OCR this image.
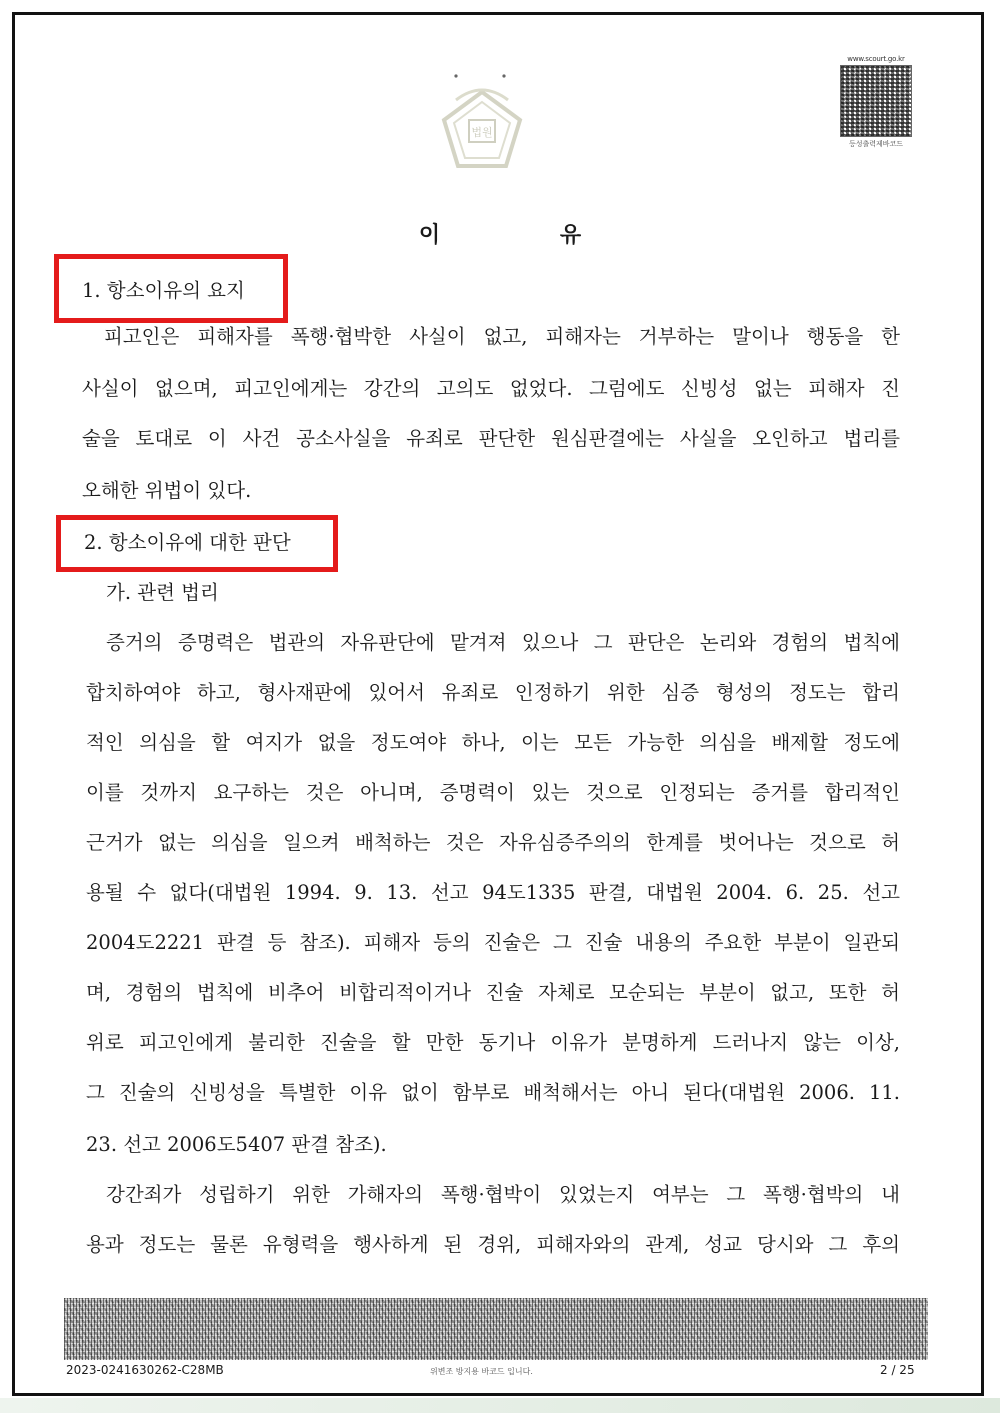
법원
www.scourt.go.kr
등성출력제바코드
이 유
1. 항소이유의 요지
피고인은 피해자를 폭행·협박한 사실이 없고, 피해자는 거부하는 말이나 행동을 한
사실이 없으며, 피고인에게는 강간의 고의도 없었다. 그럼에도 신빙성 없는 피해자 진
술을 토대로 이 사건 공소사실을 유죄로 판단한 원심판결에는 사실을 오인하고 법리를
오해한 위법이 있다.
2. 항소이유에 대한 판단
가. 관련 법리
증거의 증명력은 법관의 자유판단에 맡겨져 있으나 그 판단은 논리와 경험의 법칙에
합치하여야 하고, 형사재판에 있어서 유죄로 인정하기 위한 심증 형성의 정도는 합리
적인 의심을 할 여지가 없을 정도여야 하나, 이는 모든 가능한 의심을 배제할 정도에
이를 것까지 요구하는 것은 아니며, 증명력이 있는 것으로 인정되는 증거를 합리적인
근거가 없는 의심을 일으켜 배척하는 것은 자유심증주의의 한계를 벗어나는 것으로 허
용될 수 없다(대법원 1994. 9. 13. 선고 94도1335 판결, 대법원 2004. 6. 25. 선고
2004도2221 판결 등 참조). 피해자 등의 진술은 그 진술 내용의 주요한 부분이 일관되
며, 경험의 법칙에 비추어 비합리적이거나 진술 자체로 모순되는 부분이 없고, 또한 허
위로 피고인에게 불리한 진술을 할 만한 동기나 이유가 분명하게 드러나지 않는 이상,
그 진술의 신빙성을 특별한 이유 없이 함부로 배척해서는 아니 된다(대법원 2006. 11.
23. 선고 2006도5407 판결 참조).
강간죄가 성립하기 위한 가해자의 폭행·협박이 있었는지 여부는 그 폭행·협박의 내
용과 정도는 물론 유형력을 행사하게 된 경위, 피해자와의 관계, 성교 당시와 그 후의
2023-0241630262-C28MB	위변조 방지용 바코드 입니다.	2 / 25
